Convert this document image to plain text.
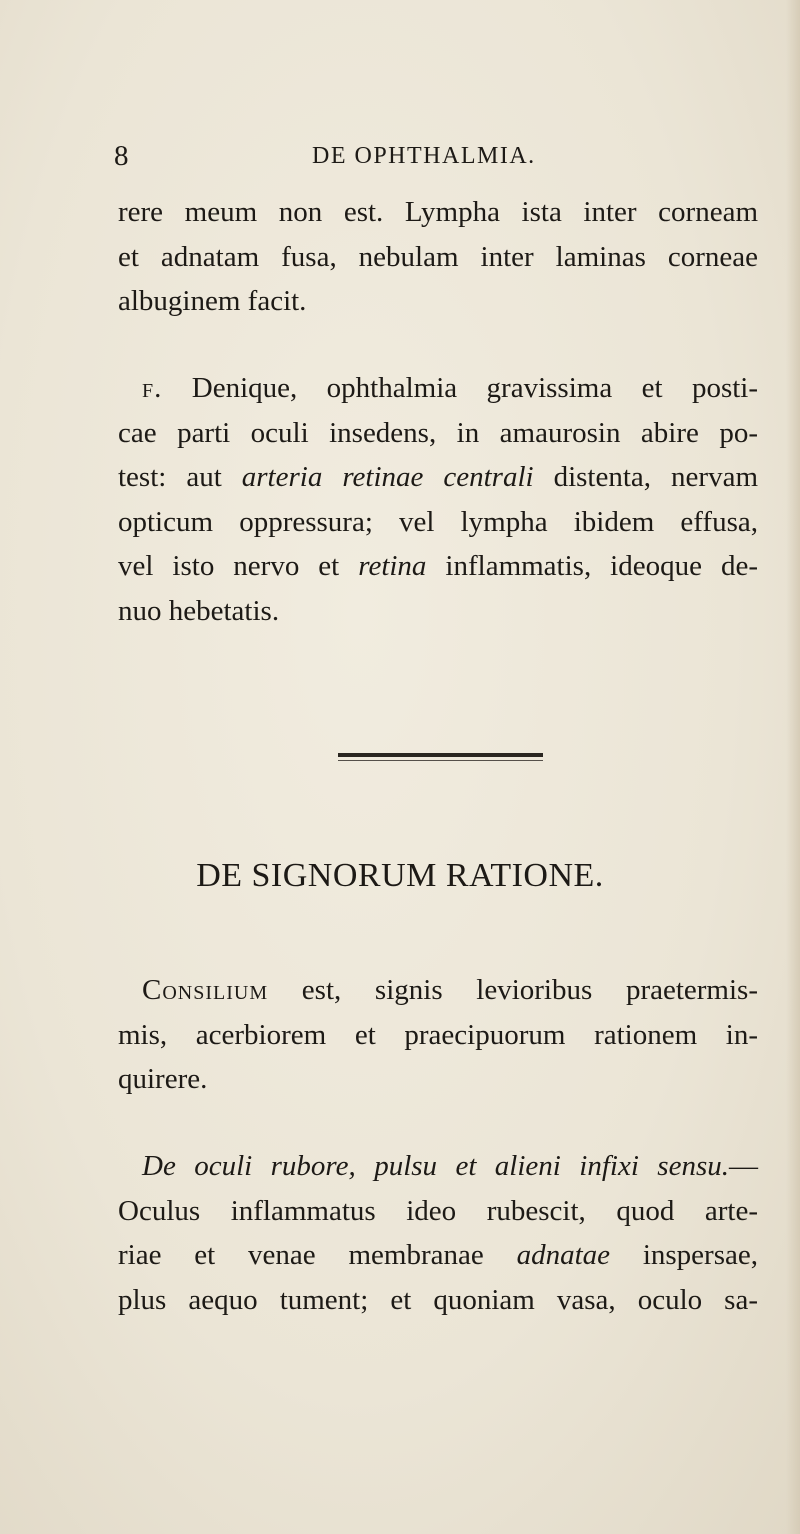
8	DE OPHTHALMIA.

rere meum non est. Lympha ista inter corneam

et adnatam fusa, nebulam inter laminas corneae

albuginem facit.

f. Denique, ophthalmia gravissima et posti-

cae parti oculi insedens, in amaurosin abire po-

test: aut arteria retinae centrali distenta, nervam

opticum oppressura; vel lympha ibidem effusa,

vel isto nervo et retina inflammatis, ideoque de-

nuo hebetatis.

DE SIGNORUM RATIONE.

Consilium est, signis levioribus praetermis-

mis, acerbiorem et praecipuorum rationem in-

quirere.

De oculi rubore, pulsu et alieni infixi sensu.—

Oculus inflammatus ideo rubescit, quod arte-

riae et venae membranae adnatae inspersae,

plus aequo tument; et quoniam vasa, oculo sa-
